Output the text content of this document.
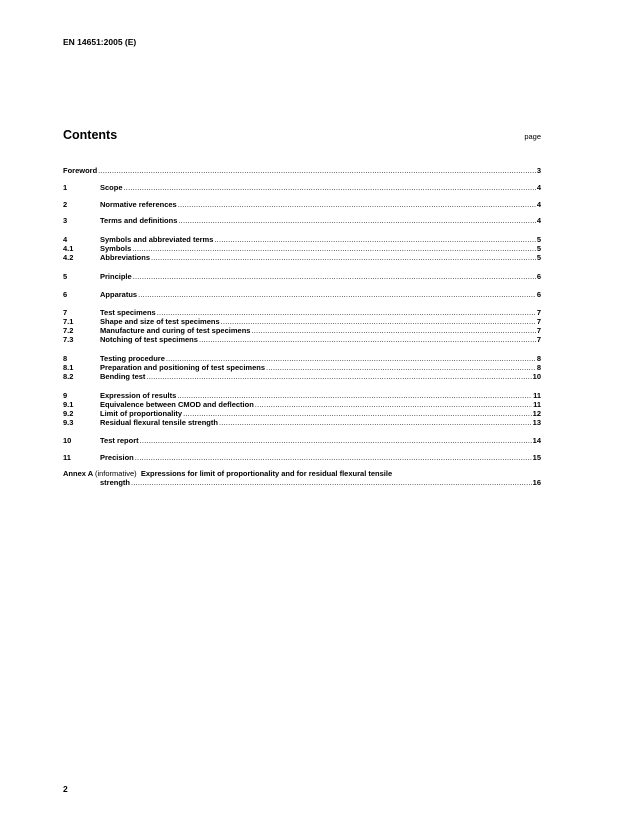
EN 14651:2005 (E)
Contents	page
Foreword .....	3
1	Scope .....	4
2	Normative references .....	4
3	Terms and definitions .....	4
4	Symbols and abbreviated terms .....	5
4.1	Symbols .....	5
4.2	Abbreviations .....	5
5	Principle .....	6
6	Apparatus .....	6
7	Test specimens .....	7
7.1	Shape and size of test specimens .....	7
7.2	Manufacture and curing of test specimens .....	7
7.3	Notching of test specimens .....	7
8	Testing procedure .....	8
8.1	Preparation and positioning of test specimens .....	8
8.2	Bending test .....	10
9	Expression of results .....	11
9.1	Equivalence between CMOD and deflection .....	11
9.2	Limit of proportionality .....	12
9.3	Residual flexural tensile strength .....	13
10	Test report .....	14
11	Precision .....	15
Annex A (informative) Expressions for limit of proportionality and for residual flexural tensile
strength .....	16
2
